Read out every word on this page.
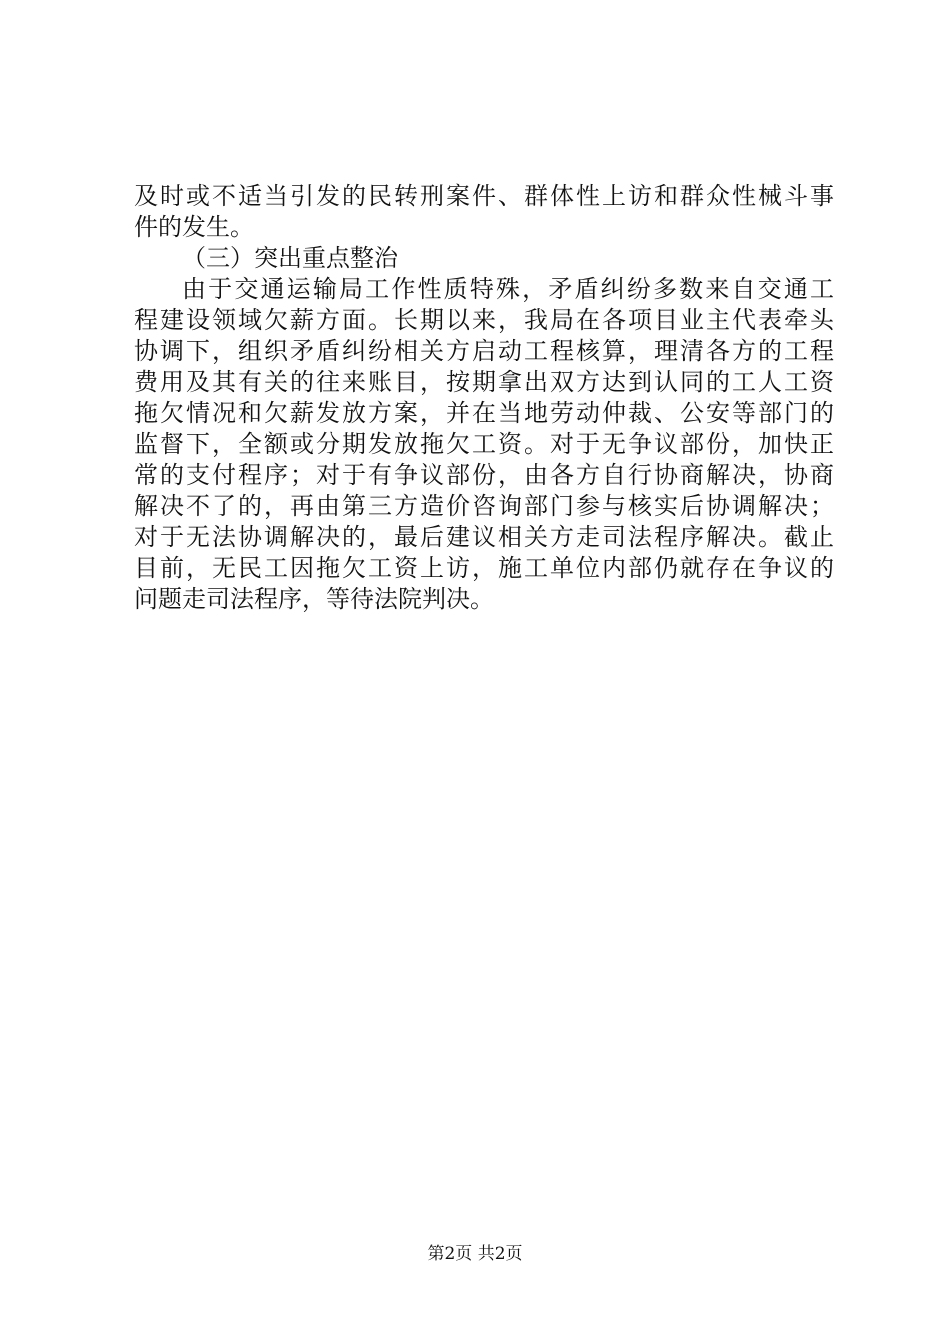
及时或不适当引发的民转刑案件、群体性上访和群众性械斗事
件的发生。
（三）突出重点整治
由于交通运输局工作性质特殊，矛盾纠纷多数来自交通工
程建设领域欠薪方面。长期以来，我局在各项目业主代表牵头
协调下，组织矛盾纠纷相关方启动工程核算，理清各方的工程
费用及其有关的往来账目，按期拿出双方达到认同的工人工资
拖欠情况和欠薪发放方案，并在当地劳动仲裁、公安等部门的
监督下，全额或分期发放拖欠工资。对于无争议部份，加快正
常的支付程序；对于有争议部份，由各方自行协商解决，协商
解决不了的，再由第三方造价咨询部门参与核实后协调解决；
对于无法协调解决的，最后建议相关方走司法程序解决。截止
目前，无民工因拖欠工资上访，施工单位内部仍就存在争议的
问题走司法程序，等待法院判决。
第2页 共2页
